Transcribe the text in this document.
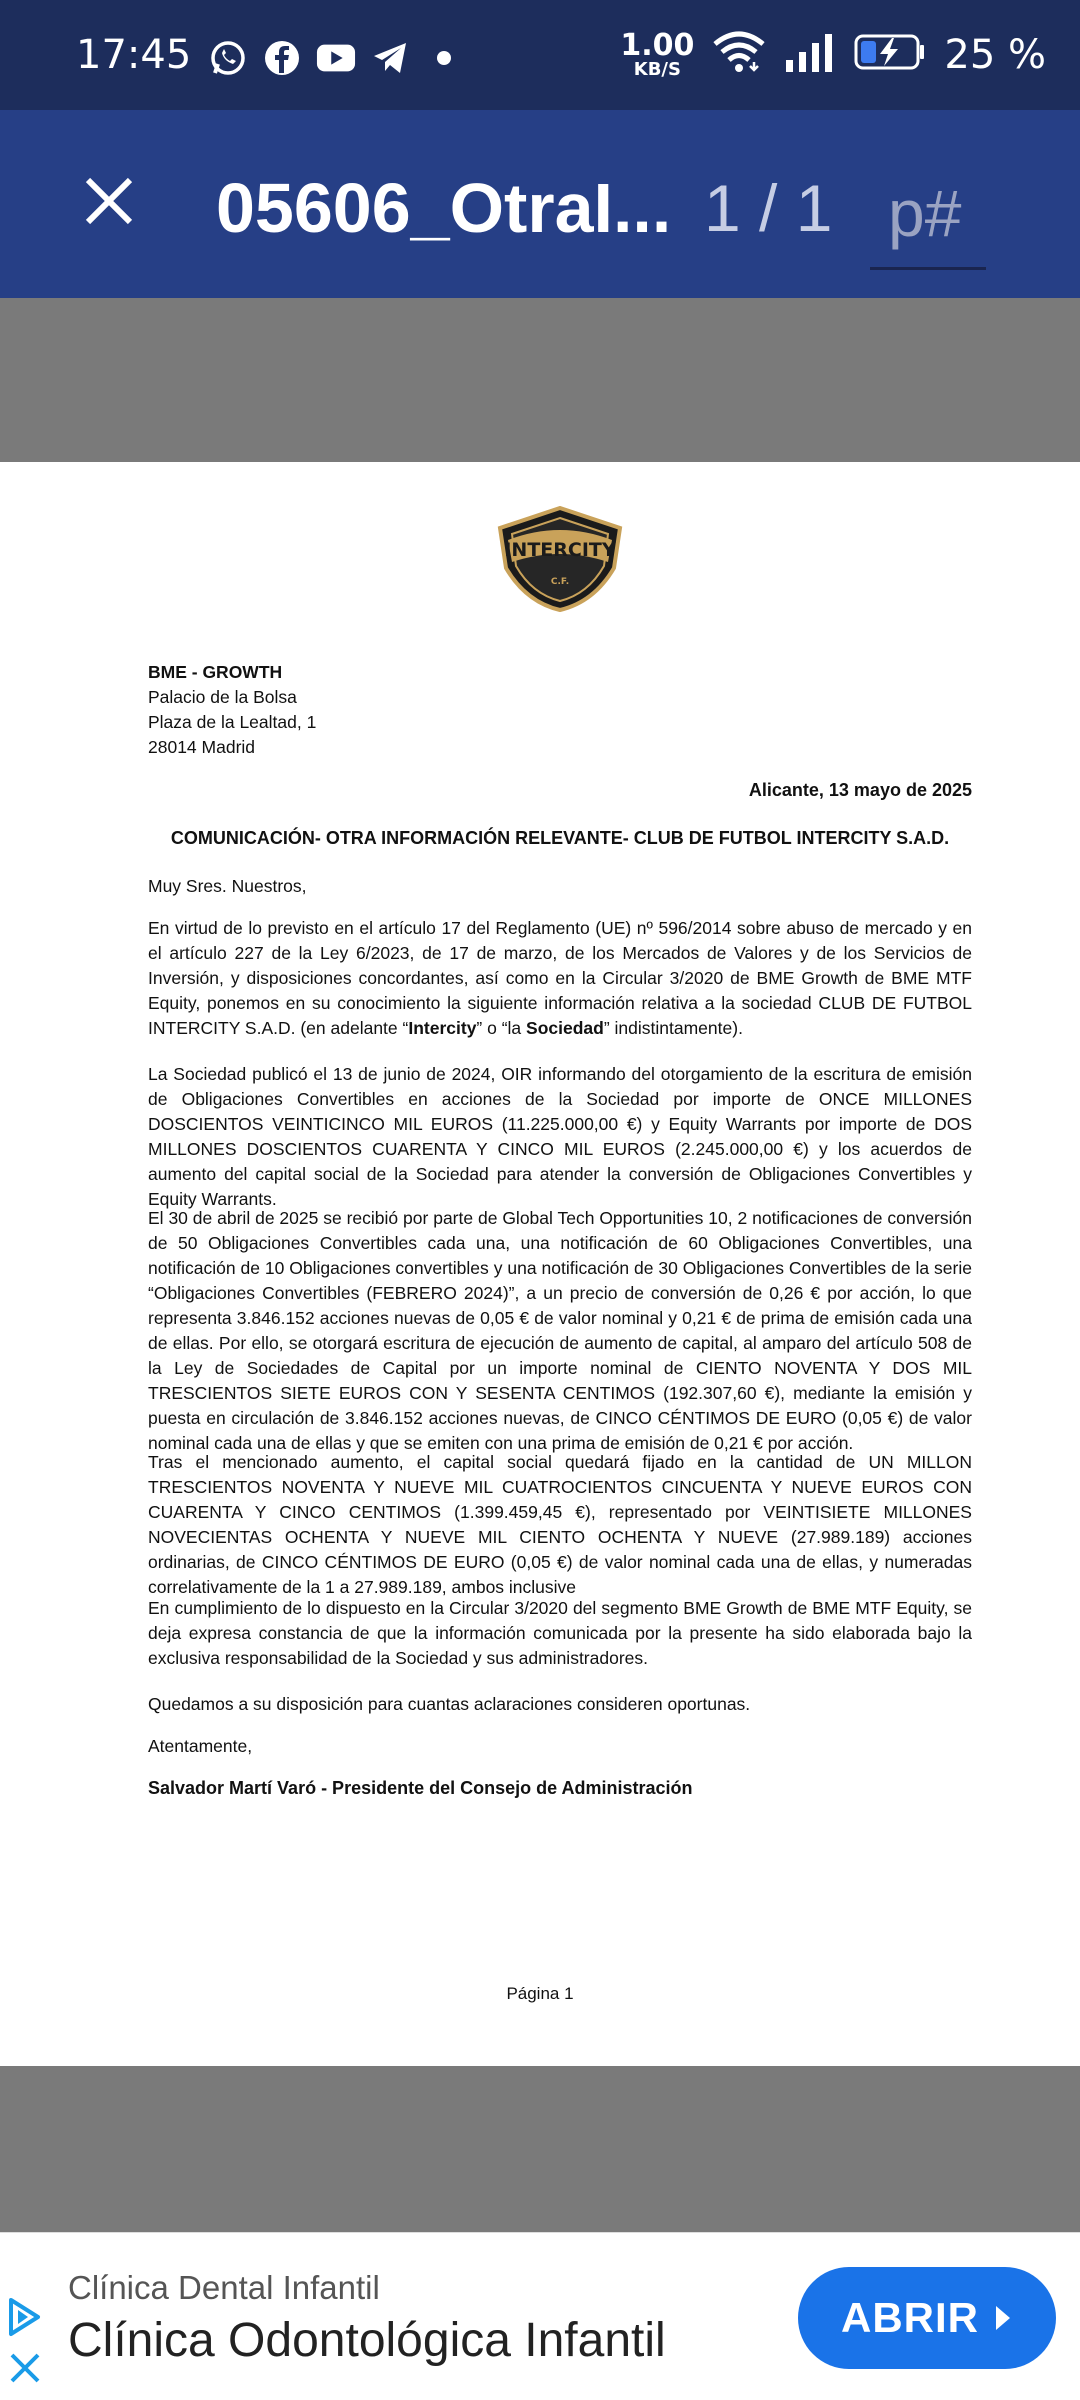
17:45	1.00
KB/S	25 %
05606_OtraI... 1 / 1
p#
INTERCITY
C.F.
BME - GROWTH
Palacio de la Bolsa
Plaza de la Lealtad, 1
28014 Madrid
Alicante, 13 mayo de 2025
COMUNICACIÓN- OTRA INFORMACIÓN RELEVANTE- CLUB DE FUTBOL INTERCITY S.A.D.
Muy Sres. Nuestros,
En virtud de lo previsto en el artículo 17 del Reglamento (UE) nº 596/2014 sobre abuso de mercado y en el artículo 227 de la Ley 6/2023, de 17 de marzo, de los Mercados de Valores y de los Servicios de Inversión, y disposiciones concordantes, así como en la Circular 3/2020 de BME Growth de BME MTF Equity, ponemos en su conocimiento la siguiente información relativa a la sociedad CLUB DE FUTBOL INTERCITY S.A.D. (en adelante “Intercity” o “la Sociedad” indistintamente).
La Sociedad publicó el 13 de junio de 2024, OIR informando del otorgamiento de la escritura de emisión de Obligaciones Convertibles en acciones de la Sociedad por importe de ONCE MILLONES DOSCIENTOS VEINTICINCO MIL EUROS (11.225.000,00 €) y Equity Warrants por importe de DOS MILLONES DOSCIENTOS CUARENTA Y CINCO MIL EUROS (2.245.000,00 €) y los acuerdos de aumento del capital social de la Sociedad para atender la conversión de Obligaciones Convertibles y Equity Warrants.
El 30 de abril de 2025 se recibió por parte de Global Tech Opportunities 10, 2 notificaciones de conversión de 50 Obligaciones Convertibles cada una, una notificación de 60 Obligaciones Convertibles, una notificación de 10 Obligaciones convertibles y una notificación de 30 Obligaciones Convertibles de la serie “Obligaciones Convertibles (FEBRERO 2024)”, a un precio de conversión de 0,26 € por acción, lo que representa 3.846.152 acciones nuevas de 0,05 € de valor nominal y 0,21 € de prima de emisión cada una de ellas. Por ello, se otorgará escritura de ejecución de aumento de capital, al amparo del artículo 508 de la Ley de Sociedades de Capital por un importe nominal de CIENTO NOVENTA Y DOS MIL TRESCIENTOS SIETE EUROS CON Y SESENTA CENTIMOS (192.307,60 €), mediante la emisión y puesta en circulación de 3.846.152 acciones nuevas, de CINCO CÉNTIMOS DE EURO (0,05 €) de valor nominal cada una de ellas y que se emiten con una prima de emisión de 0,21 € por acción.
Tras el mencionado aumento, el capital social quedará fijado en la cantidad de UN MILLON TRESCIENTOS NOVENTA Y NUEVE MIL CUATROCIENTOS CINCUENTA Y NUEVE EUROS CON CUARENTA Y CINCO CENTIMOS (1.399.459,45 €), representado por VEINTISIETE MILLONES NOVECIENTAS OCHENTA Y NUEVE MIL CIENTO OCHENTA Y NUEVE (27.989.189) acciones ordinarias, de CINCO CÉNTIMOS DE EURO (0,05 €) de valor nominal cada una de ellas, y numeradas correlativamente de la 1 a 27.989.189, ambos inclusive
En cumplimiento de lo dispuesto en la Circular 3/2020 del segmento BME Growth de BME MTF Equity, se deja expresa constancia de que la información comunicada por la presente ha sido elaborada bajo la exclusiva responsabilidad de la Sociedad y sus administradores.
Quedamos a su disposición para cuantas aclaraciones consideren oportunas.
Atentamente,
Salvador Martí Varó - Presidente del Consejo de Administración
Página 1
Clínica Dental Infantil
Clínica Odontológica Infantil	ABRIR
